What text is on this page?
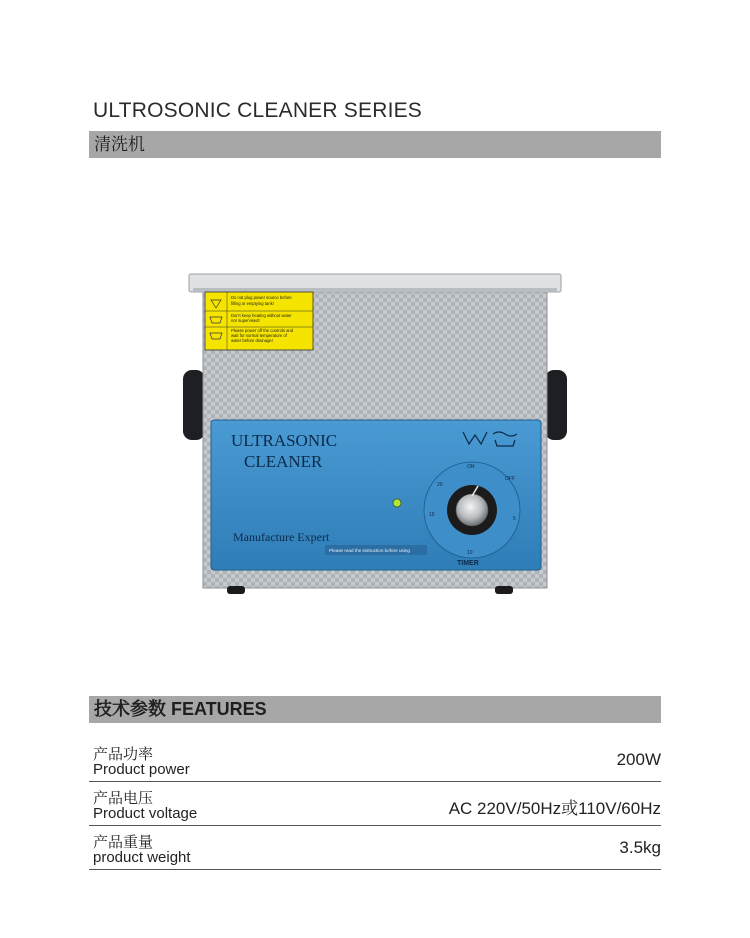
ULTROSONIC CLEANER SERIES
清洗机
Do not plug power source before
filling or emptying tank!
Don't keep heating without water
nor supervised!
Please power off the controls and
wait for normal temperature of
water before drainage!
ULTRASONIC
CLEANER
Manufacture Expert
Please read the instruction before using
ON
OFF
20
15
10
5
TIMER
技术参数 FEATURES
产品功率
Product power
200W
产品电压
Product voltage	AC 220V/50Hz或110V/60Hz
产品重量
product weight
3.5kg
